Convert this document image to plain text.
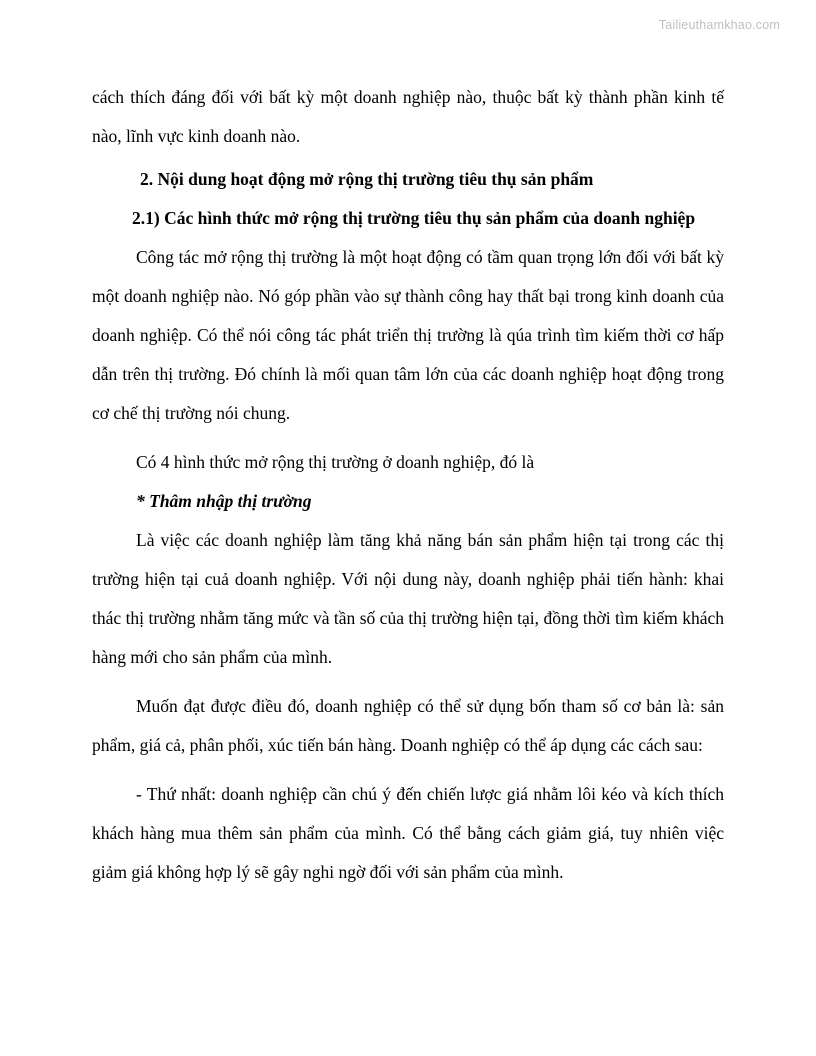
Tailieuthamkhao.com

cách thích đáng đối với bất kỳ một doanh nghiệp nào, thuộc bất kỳ thành phần kinh tế nào, lĩnh vực kinh doanh nào.

2. Nội dung hoạt động mở rộng thị trường tiêu thụ sản phẩm

2.1) Các hình thức mở rộng thị trường tiêu thụ sản phẩm của doanh nghiệp

Công tác mở rộng thị trường là một hoạt động có tầm quan trọng lớn đối với bất kỳ một doanh nghiệp nào. Nó góp phần vào sự thành công hay thất bại trong kinh doanh của doanh nghiệp. Có thể nói công tác phát triển thị trường là qúa trình tìm kiếm thời cơ hấp dẫn trên thị trường. Đó chính là mối quan tâm lớn của các doanh nghiệp hoạt động trong cơ chế thị trường nói chung.

Có 4 hình thức mở rộng thị trường ở doanh nghiệp, đó là

* Thâm nhập thị trường

Là việc các doanh nghiệp làm tăng khả năng bán sản phẩm hiện tại trong các thị trường hiện tại cuả doanh nghiệp. Với nội dung này, doanh nghiệp phải tiến hành: khai thác thị trường nhằm tăng mức và tần số của thị trường hiện tại, đồng thời tìm kiếm khách hàng mới cho sản phẩm của mình.

Muốn đạt được điều đó, doanh nghiệp có thể sử dụng bốn tham số cơ bản là: sản phẩm, giá cả, phân phối, xúc tiến bán hàng. Doanh nghiệp có thể áp dụng các cách sau:

- Thứ nhất: doanh nghiệp cần chú ý đến chiến lược giá nhằm lôi kéo và kích thích khách hàng mua thêm sản phẩm của mình. Có thể bằng cách giảm giá, tuy nhiên việc giảm giá không hợp lý sẽ gây nghi ngờ đối với sản phẩm của mình.
